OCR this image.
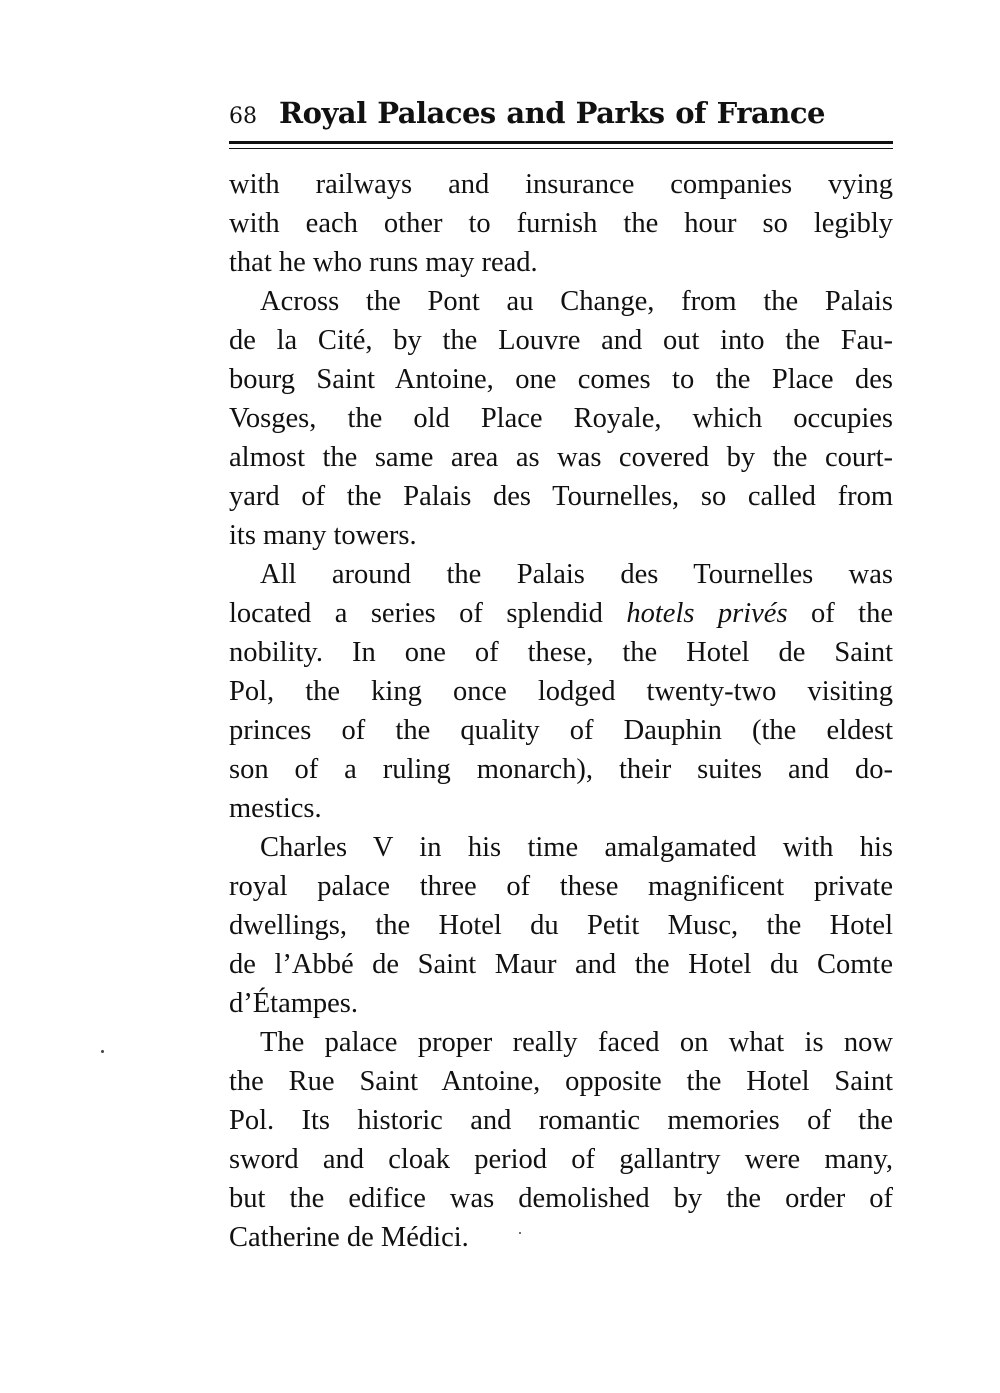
68 Royal Palaces and Parks of France
with railways and insurance companies vying
with each other to furnish the hour so legibly
that he who runs may read.
Across the Pont au Change, from the Palais
de la Cité, by the Louvre and out into the Fau-
bourg Saint Antoine, one comes to the Place des
Vosges, the old Place Royale, which occupies
almost the same area as was covered by the court-
yard of the Palais des Tournelles, so called from
its many towers.
All around the Palais des Tournelles was
located a series of splendid hotels privés of the
nobility. In one of these, the Hotel de Saint
Pol, the king once lodged twenty-two visiting
princes of the quality of Dauphin (the eldest
son of a ruling monarch), their suites and do-
mestics.
Charles V in his time amalgamated with his
royal palace three of these magnificent private
dwellings, the Hotel du Petit Musc, the Hotel
de l’Abbé de Saint Maur and the Hotel du Comte
d’Étampes.
The palace proper really faced on what is now
the Rue Saint Antoine, opposite the Hotel Saint
Pol. Its historic and romantic memories of the
sword and cloak period of gallantry were many,
but the edifice was demolished by the order of
Catherine de Médici.
